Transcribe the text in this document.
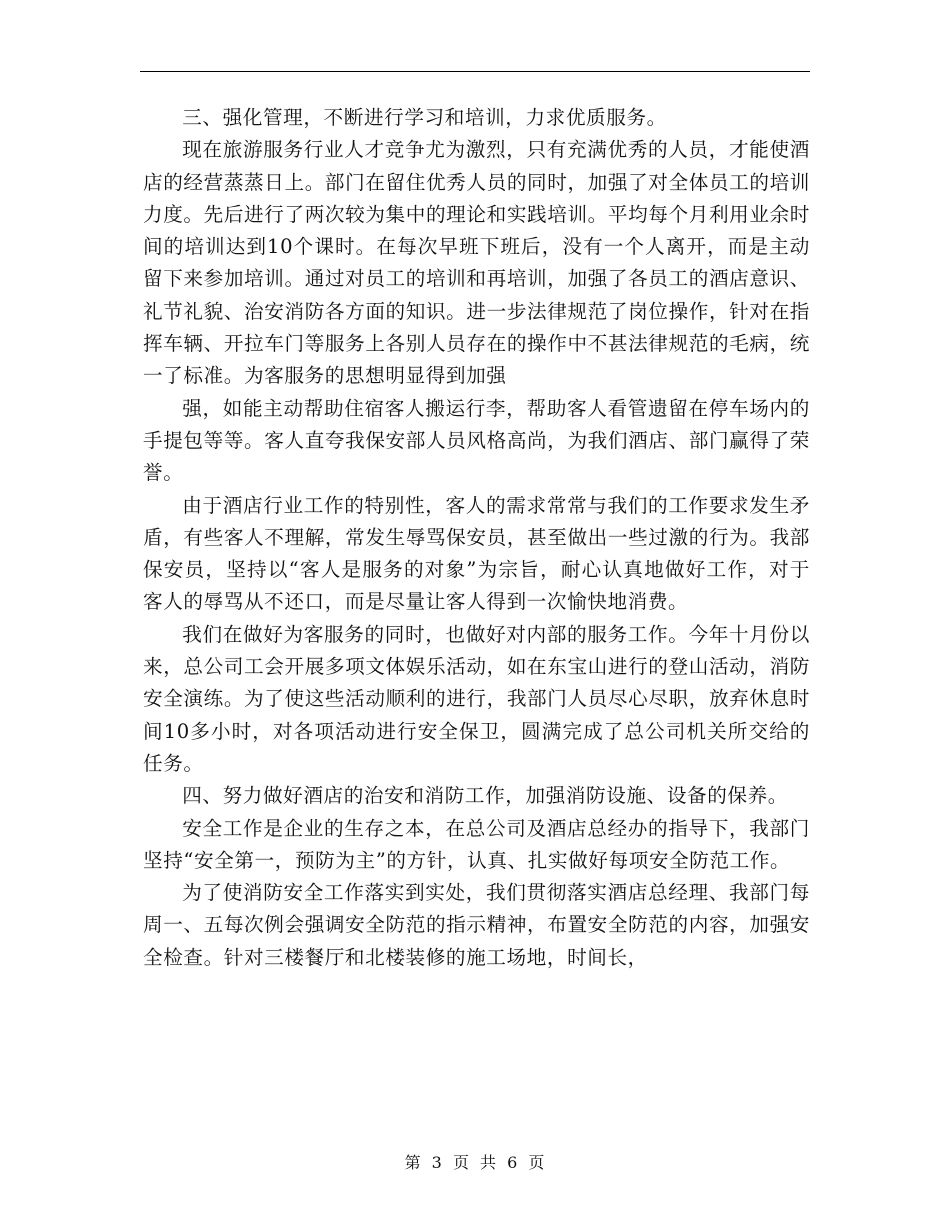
三、强化管理，不断进行学习和培训，力求优质服务。

现在旅游服务行业人才竞争尤为激烈，只有充满优秀的人员，才能使酒店的经营蒸蒸日上。部门在留住优秀人员的同时，加强了对全体员工的培训力度。先后进行了两次较为集中的理论和实践培训。平均每个月利用业余时间的培训达到10个课时。在每次早班下班后，没有一个人离开，而是主动留下来参加培训。通过对员工的培训和再培训，加强了各员工的酒店意识、礼节礼貌、治安消防各方面的知识。进一步法律规范了岗位操作，针对在指挥车辆、开拉车门等服务上各别人员存在的操作中不甚法律规范的毛病，统一了标准。为客服务的思想明显得到加强

强，如能主动帮助住宿客人搬运行李，帮助客人看管遗留在停车场内的手提包等等。客人直夸我保安部人员风格高尚，为我们酒店、部门赢得了荣誉。

由于酒店行业工作的特别性，客人的需求常常与我们的工作要求发生矛盾，有些客人不理解，常发生辱骂保安员，甚至做出一些过激的行为。我部保安员，坚持以“客人是服务的对象”为宗旨，耐心认真地做好工作，对于客人的辱骂从不还口，而是尽量让客人得到一次愉快地消费。

我们在做好为客服务的同时，也做好对内部的服务工作。今年十月份以来，总公司工会开展多项文体娱乐活动，如在东宝山进行的登山活动，消防安全演练。为了使这些活动顺利的进行，我部门人员尽心尽职，放弃休息时间10多小时，对各项活动进行安全保卫，圆满完成了总公司机关所交给的任务。

四、努力做好酒店的治安和消防工作，加强消防设施、设备的保养。

安全工作是企业的生存之本，在总公司及酒店总经办的指导下，我部门坚持“安全第一，预防为主”的方针，认真、扎实做好每项安全防范工作。

为了使消防安全工作落实到实处，我们贯彻落实酒店总经理、我部门每周一、五每次例会强调安全防范的指示精神，布置安全防范的内容，加强安全检查。针对三楼餐厅和北楼装修的施工场地，时间长，

第 3 页 共 6 页
